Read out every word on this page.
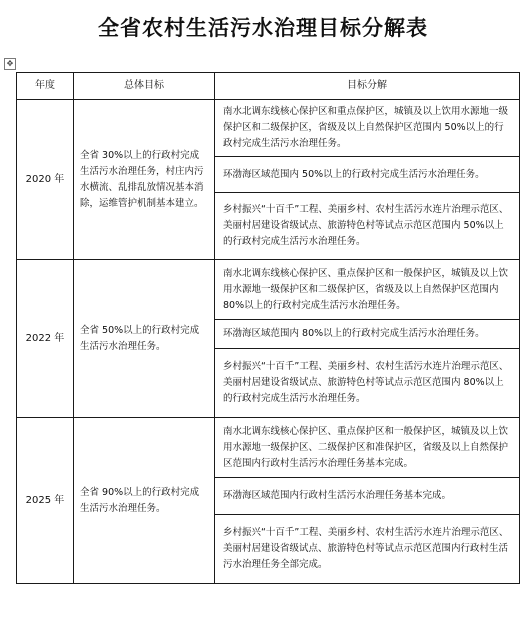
全省农村生活污水治理目标分解表
✥
年度	总体目标	目标分解
2020 年	全省 30%以上的行政村完成生活污水治理任务，村庄内污水横流、乱排乱放情况基本消除，运维管护机制基本建立。	南水北调东线核心保护区和重点保护区，城镇及以上饮用水源地一级保护区和二级保护区，省级及以上自然保护区范围内 50%以上的行政村完成生活污水治理任务。
		环渤海区域范围内 50%以上的行政村完成生活污水治理任务。
		乡村振兴“十百千”工程、美丽乡村、农村生活污水连片治理示范区、美丽村居建设省级试点、旅游特色村等试点示范区范围内 50%以上的行政村完成生活污水治理任务。
2022 年	全省 50%以上的行政村完成生活污水治理任务。	南水北调东线核心保护区、重点保护区和一般保护区，城镇及以上饮用水源地一级保护区和二级保护区，省级及以上自然保护区范围内 80%以上的行政村完成生活污水治理任务。
		环渤海区域范围内 80%以上的行政村完成生活污水治理任务。
		乡村振兴“十百千”工程、美丽乡村、农村生活污水连片治理示范区、美丽村居建设省级试点、旅游特色村等试点示范区范围内 80%以上的行政村完成生活污水治理任务。
2025 年	全省 90%以上的行政村完成生活污水治理任务。	南水北调东线核心保护区、重点保护区和一般保护区，城镇及以上饮用水源地一级保护区、二级保护区和准保护区，省级及以上自然保护区范围内行政村生活污水治理任务基本完成。
		环渤海区域范围内行政村生活污水治理任务基本完成。
		乡村振兴“十百千”工程、美丽乡村、农村生活污水连片治理示范区、美丽村居建设省级试点、旅游特色村等试点示范区范围内行政村生活污水治理任务全部完成。
